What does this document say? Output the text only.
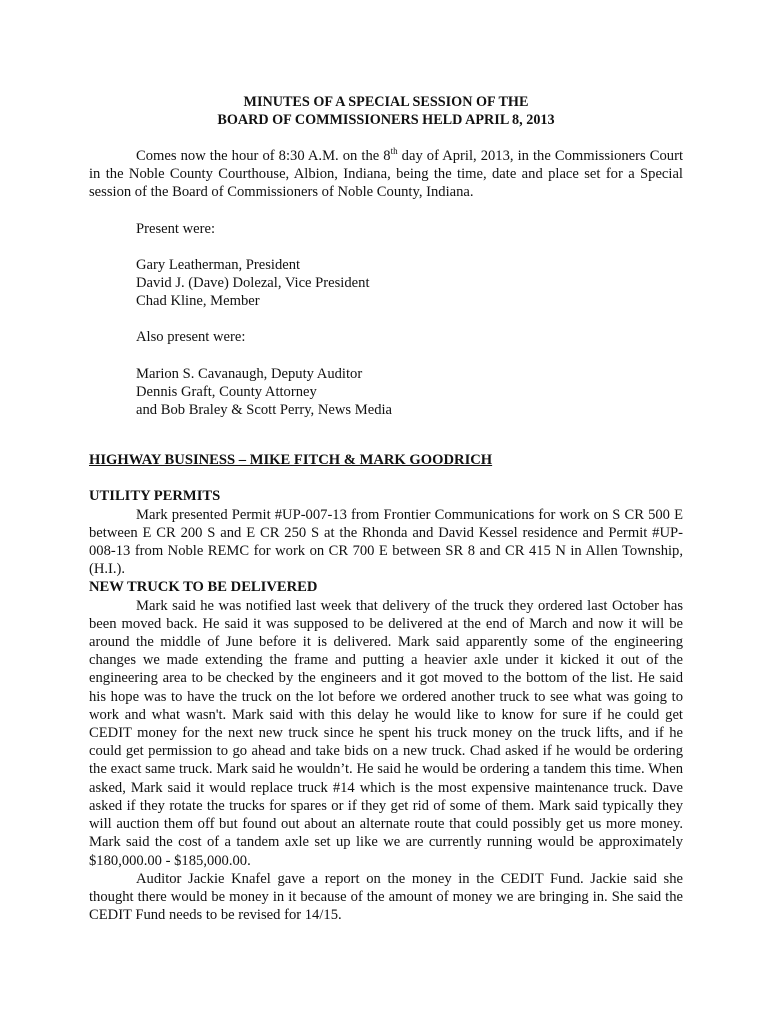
MINUTES OF A SPECIAL SESSION OF THE
BOARD OF COMMISSIONERS HELD APRIL 8, 2013
Comes now the hour of 8:30 A.M. on the 8th day of April, 2013, in the Commissioners Court in the Noble County Courthouse, Albion, Indiana, being the time, date and place set for a Special session of the Board of Commissioners of Noble County, Indiana.
Present were:
Gary Leatherman, President
David J. (Dave) Dolezal, Vice President
Chad Kline, Member
Also present were:
Marion S. Cavanaugh, Deputy Auditor
Dennis Graft, County Attorney
and Bob Braley & Scott Perry, News Media
HIGHWAY BUSINESS – MIKE FITCH & MARK GOODRICH
UTILITY PERMITS
Mark presented Permit #UP-007-13 from Frontier Communications for work on S CR 500 E between E CR 200 S and E CR 250 S at the Rhonda and David Kessel residence and Permit #UP-008-13 from Noble REMC for work on CR 700 E between SR 8 and CR 415 N in Allen Township, (H.I.).
NEW TRUCK TO BE DELIVERED
Mark said he was notified last week that delivery of the truck they ordered last October has been moved back. He said it was supposed to be delivered at the end of March and now it will be around the middle of June before it is delivered. Mark said apparently some of the engineering changes we made extending the frame and putting a heavier axle under it kicked it out of the engineering area to be checked by the engineers and it got moved to the bottom of the list. He said his hope was to have the truck on the lot before we ordered another truck to see what was going to work and what wasn't. Mark said with this delay he would like to know for sure if he could get CEDIT money for the next new truck since he spent his truck money on the truck lifts, and if he could get permission to go ahead and take bids on a new truck. Chad asked if he would be ordering the exact same truck. Mark said he wouldn’t. He said he would be ordering a tandem this time. When asked, Mark said it would replace truck #14 which is the most expensive maintenance truck. Dave asked if they rotate the trucks for spares or if they get rid of some of them. Mark said typically they will auction them off but found out about an alternate route that could possibly get us more money. Mark said the cost of a tandem axle set up like we are currently running would be approximately $180,000.00 - $185,000.00.
Auditor Jackie Knafel gave a report on the money in the CEDIT Fund. Jackie said she thought there would be money in it because of the amount of money we are bringing in. She said the CEDIT Fund needs to be revised for 14/15.
